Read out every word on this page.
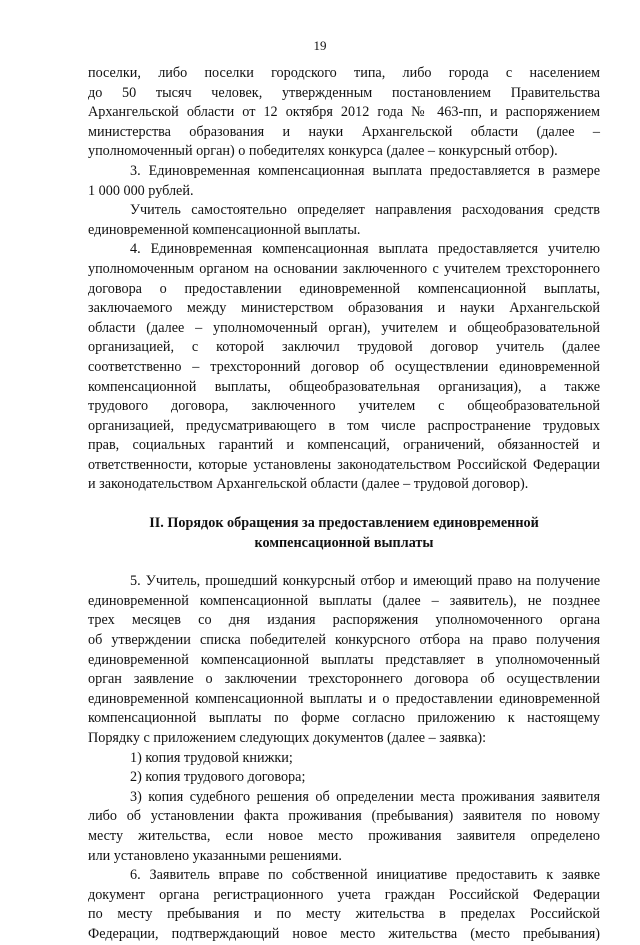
19
поселки, либо поселки городского типа, либо города с населением
до 50 тысяч человек, утвержденным постановлением Правительства
Архангельской области от 12 октября 2012 года № 463-пп, и распоряжением
министерства образования и науки Архангельской области (далее –
уполномоченный орган) о победителях конкурса (далее – конкурсный отбор).
3. Единовременная компенсационная выплата предоставляется в размере
1 000 000 рублей.
Учитель самостоятельно определяет направления расходования средств
единовременной компенсационной выплаты.
4. Единовременная компенсационная выплата предоставляется учителю
уполномоченным органом на основании заключенного с учителем трехстороннего
договора о предоставлении единовременной компенсационной выплаты,
заключаемого между министерством образования и науки Архангельской
области (далее – уполномоченный орган), учителем и общеобразовательной
организацией, с которой заключил трудовой договор учитель (далее
соответственно – трехсторонний договор об осуществлении единовременной
компенсационной выплаты, общеобразовательная организация), а также
трудового договора, заключенного учителем с общеобразовательной
организацией, предусматривающего в том числе распространение трудовых
прав, социальных гарантий и компенсаций, ограничений, обязанностей и
ответственности, которые установлены законодательством Российской Федерации
и законодательством Архангельской области (далее – трудовой договор).
II. Порядок обращения за предоставлением единовременной
компенсационной выплаты
5. Учитель, прошедший конкурсный отбор и имеющий право на получение
единовременной компенсационной выплаты (далее – заявитель), не позднее
трех месяцев со дня издания распоряжения уполномоченного органа
об утверждении списка победителей конкурсного отбора на право получения
единовременной компенсационной выплаты представляет в уполномоченный
орган заявление о заключении трехстороннего договора об осуществлении
единовременной компенсационной выплаты и о предоставлении единовременной
компенсационной выплаты по форме согласно приложению к настоящему
Порядку с приложением следующих документов (далее – заявка):
1) копия трудовой книжки;
2) копия трудового договора;
3) копия судебного решения об определении места проживания заявителя
либо об установлении факта проживания (пребывания) заявителя по новому
месту жительства, если новое место проживания заявителя определено
или установлено указанными решениями.
6. Заявитель вправе по собственной инициативе предоставить к заявке
документ органа регистрационного учета граждан Российской Федерации
по месту пребывания и по месту жительства в пределах Российской
Федерации, подтверждающий новое место жительства (место пребывания)
